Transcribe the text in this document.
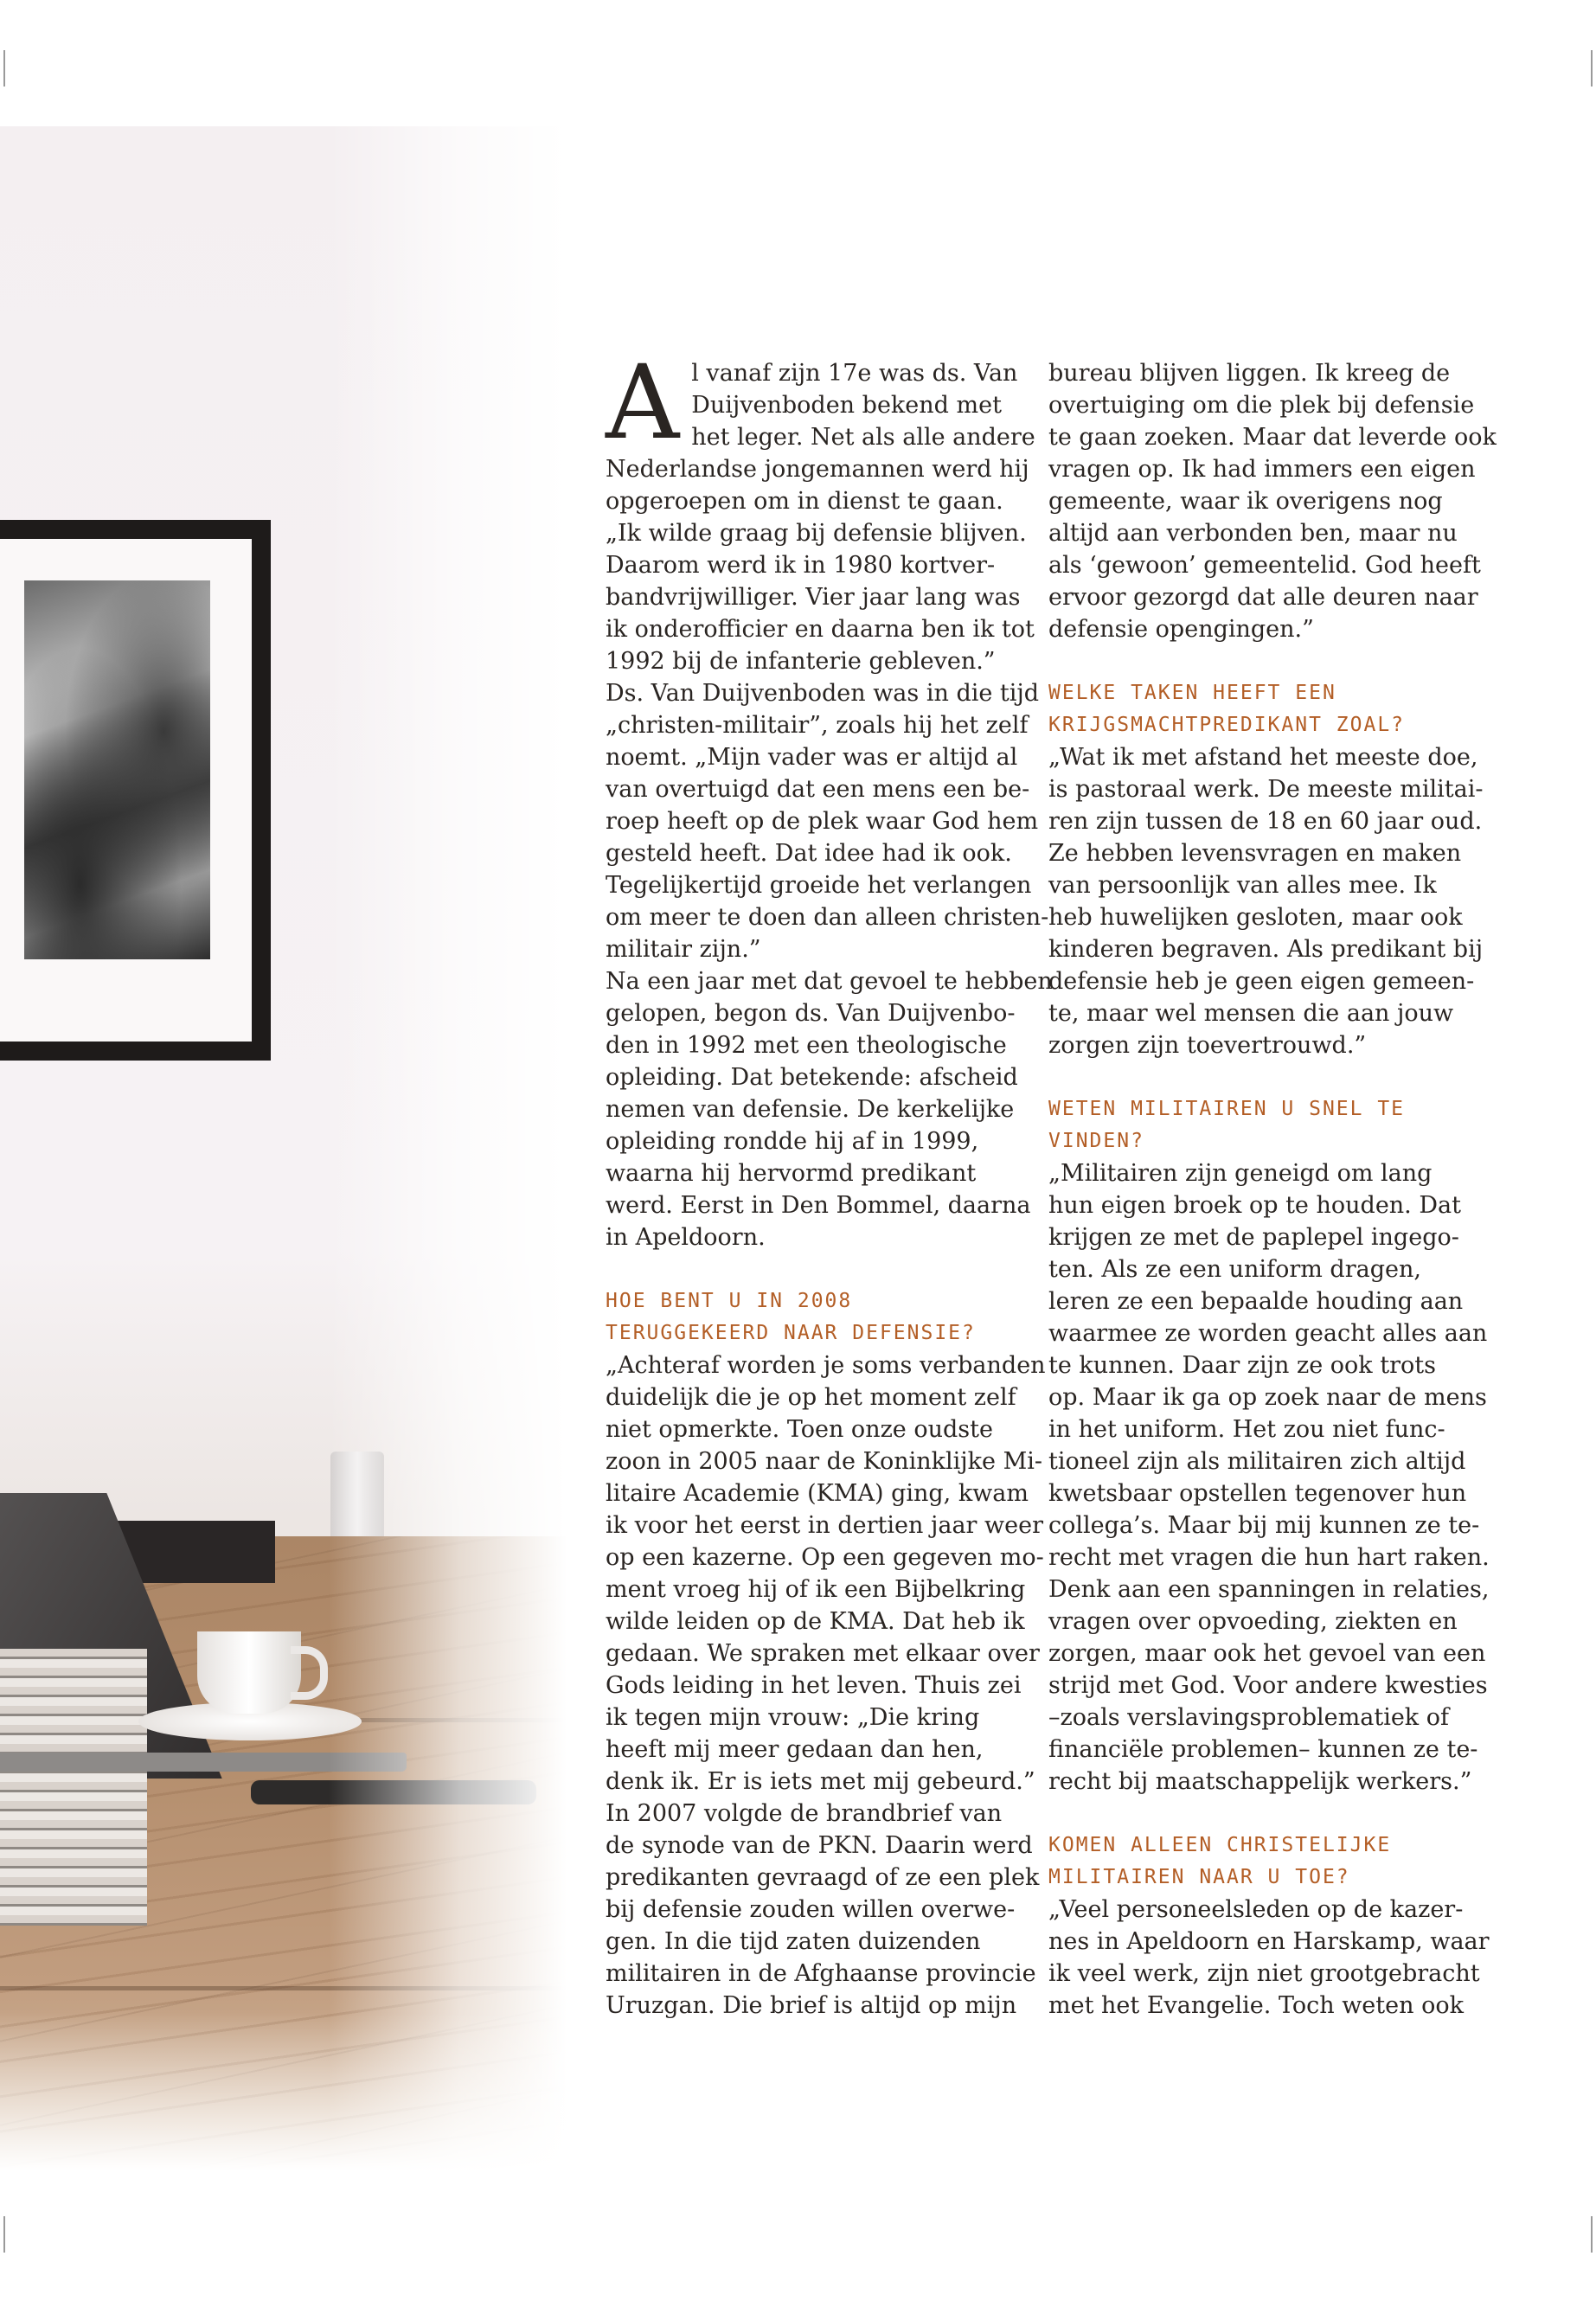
A l vanaf zijn 17e was ds. Van
Duijvenboden bekend met
het leger. Net als alle andere
Nederlandse jongemannen werd hij
opgeroepen om in dienst te gaan.
„Ik wilde graag bij defensie blijven.
Daarom werd ik in 1980 kortver-
bandvrijwilliger. Vier jaar lang was
ik onderofficier en daarna ben ik tot
1992 bij de infanterie gebleven.”
Ds. Van Duijvenboden was in die tijd
„christen-militair”, zoals hij het zelf
noemt. „Mijn vader was er altijd al
van overtuigd dat een mens een be-
roep heeft op de plek waar God hem
gesteld heeft. Dat idee had ik ook.
Tegelijkertijd groeide het verlangen
om meer te doen dan alleen christen-
militair zijn.”
Na een jaar met dat gevoel te hebben
gelopen, begon ds. Van Duijvenbo-
den in 1992 met een theologische
opleiding. Dat betekende: afscheid
nemen van defensie. De kerkelijke
opleiding rondde hij af in 1999,
waarna hij hervormd predikant
werd. Eerst in Den Bommel, daarna
in Apeldoorn.
HOE BENT U IN 2008
TERUGGEKEERD NAAR DEFENSIE?
„Achteraf worden je soms verbanden
duidelijk die je op het moment zelf
niet opmerkte. Toen onze oudste
zoon in 2005 naar de Koninklijke Mi-
litaire Academie (KMA) ging, kwam
ik voor het eerst in dertien jaar weer
op een kazerne. Op een gegeven mo-
ment vroeg hij of ik een Bijbelkring
wilde leiden op de KMA. Dat heb ik
gedaan. We spraken met elkaar over
Gods leiding in het leven. Thuis zei
ik tegen mijn vrouw: „Die kring
heeft mij meer gedaan dan hen,
denk ik. Er is iets met mij gebeurd.”
In 2007 volgde de brandbrief van
de synode van de PKN. Daarin werd
predikanten gevraagd of ze een plek
bij defensie zouden willen overwe-
gen. In die tijd zaten duizenden
militairen in de Afghaanse provincie
Uruzgan. Die brief is altijd op mijn
bureau blijven liggen. Ik kreeg de
overtuiging om die plek bij defensie
te gaan zoeken. Maar dat leverde ook
vragen op. Ik had immers een eigen
gemeente, waar ik overigens nog
altijd aan verbonden ben, maar nu
als ‘gewoon’ gemeentelid. God heeft
ervoor gezorgd dat alle deuren naar
defensie opengingen.”
WELKE TAKEN HEEFT EEN
KRIJGSMACHTPREDIKANT ZOAL?
„Wat ik met afstand het meeste doe,
is pastoraal werk. De meeste militai-
ren zijn tussen de 18 en 60 jaar oud.
Ze hebben levensvragen en maken
van persoonlijk van alles mee. Ik
heb huwelijken gesloten, maar ook
kinderen begraven. Als predikant bij
defensie heb je geen eigen gemeen-
te, maar wel mensen die aan jouw
zorgen zijn toevertrouwd.”
WETEN MILITAIREN U SNEL TE
VINDEN?
„Militairen zijn geneigd om lang
hun eigen broek op te houden. Dat
krijgen ze met de paplepel ingego-
ten. Als ze een uniform dragen,
leren ze een bepaalde houding aan
waarmee ze worden geacht alles aan
te kunnen. Daar zijn ze ook trots
op. Maar ik ga op zoek naar de mens
in het uniform. Het zou niet func-
tioneel zijn als militairen zich altijd
kwetsbaar opstellen tegenover hun
collega’s. Maar bij mij kunnen ze te-
recht met vragen die hun hart raken.
Denk aan een spanningen in relaties,
vragen over opvoeding, ziekten en
zorgen, maar ook het gevoel van een
strijd met God. Voor andere kwesties
–zoals verslavingsproblematiek of
financiële problemen– kunnen ze te-
recht bij maatschappelijk werkers.”
KOMEN ALLEEN CHRISTELIJKE
MILITAIREN NAAR U TOE?
„Veel personeelsleden op de kazer-
nes in Apeldoorn en Harskamp, waar
ik veel werk, zijn niet grootgebracht
met het Evangelie. Toch weten ook
